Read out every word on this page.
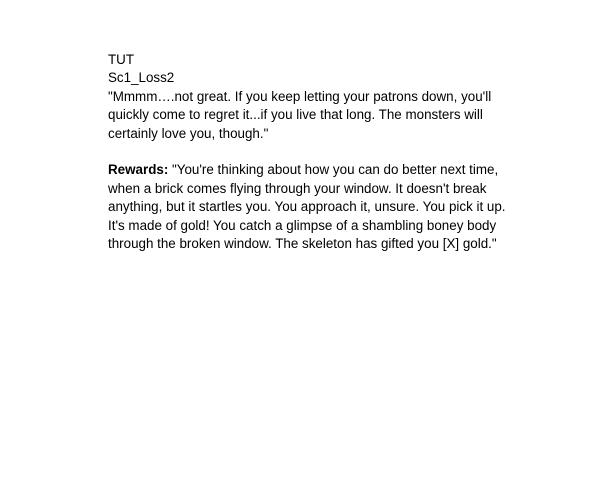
TUT
Sc1_Loss2

"Mmmm….not great. If you keep letting your patrons down, you'll quickly come to regret it...if you live that long. The monsters will certainly love you, though."

Rewards: "You're thinking about how you can do better next time, when a brick comes flying through your window. It doesn't break anything, but it startles you. You approach it, unsure. You pick it up. It's made of gold! You catch a glimpse of a shambling boney body through the broken window. The skeleton has gifted you [X] gold."
